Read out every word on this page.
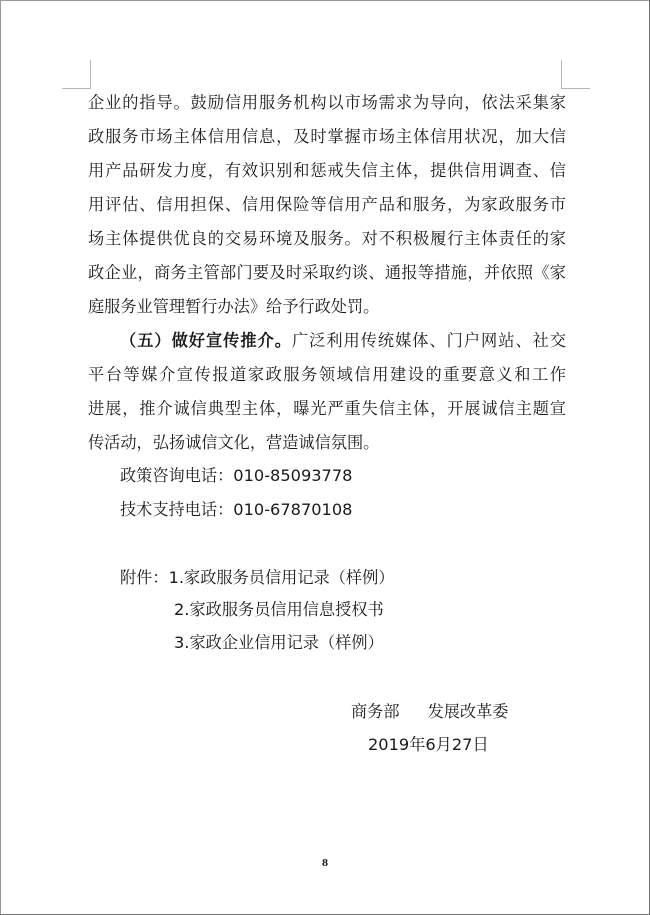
企业的指导。鼓励信用服务机构以市场需求为导向，依法采集家
政服务市场主体信用信息，及时掌握市场主体信用状况，加大信
用产品研发力度，有效识别和惩戒失信主体，提供信用调查、信
用评估、信用担保、信用保险等信用产品和服务，为家政服务市
场主体提供优良的交易环境及服务。对不积极履行主体责任的家
政企业，商务主管部门要及时采取约谈、通报等措施，并依照《家
庭服务业管理暂行办法》给予行政处罚。
（五）做好宣传推介。广泛利用传统媒体、门户网站、社交
平台等媒介宣传报道家政服务领域信用建设的重要意义和工作
进展，推介诚信典型主体，曝光严重失信主体，开展诚信主题宣
传活动，弘扬诚信文化，营造诚信氛围。
政策咨询电话：010-85093778
技术支持电话：010-67870108
附件：1.家政服务员信用记录（样例）
2.家政服务员信用信息授权书
3.家政企业信用记录（样例）
商务部 发展改革委
2019年6月27日
8
